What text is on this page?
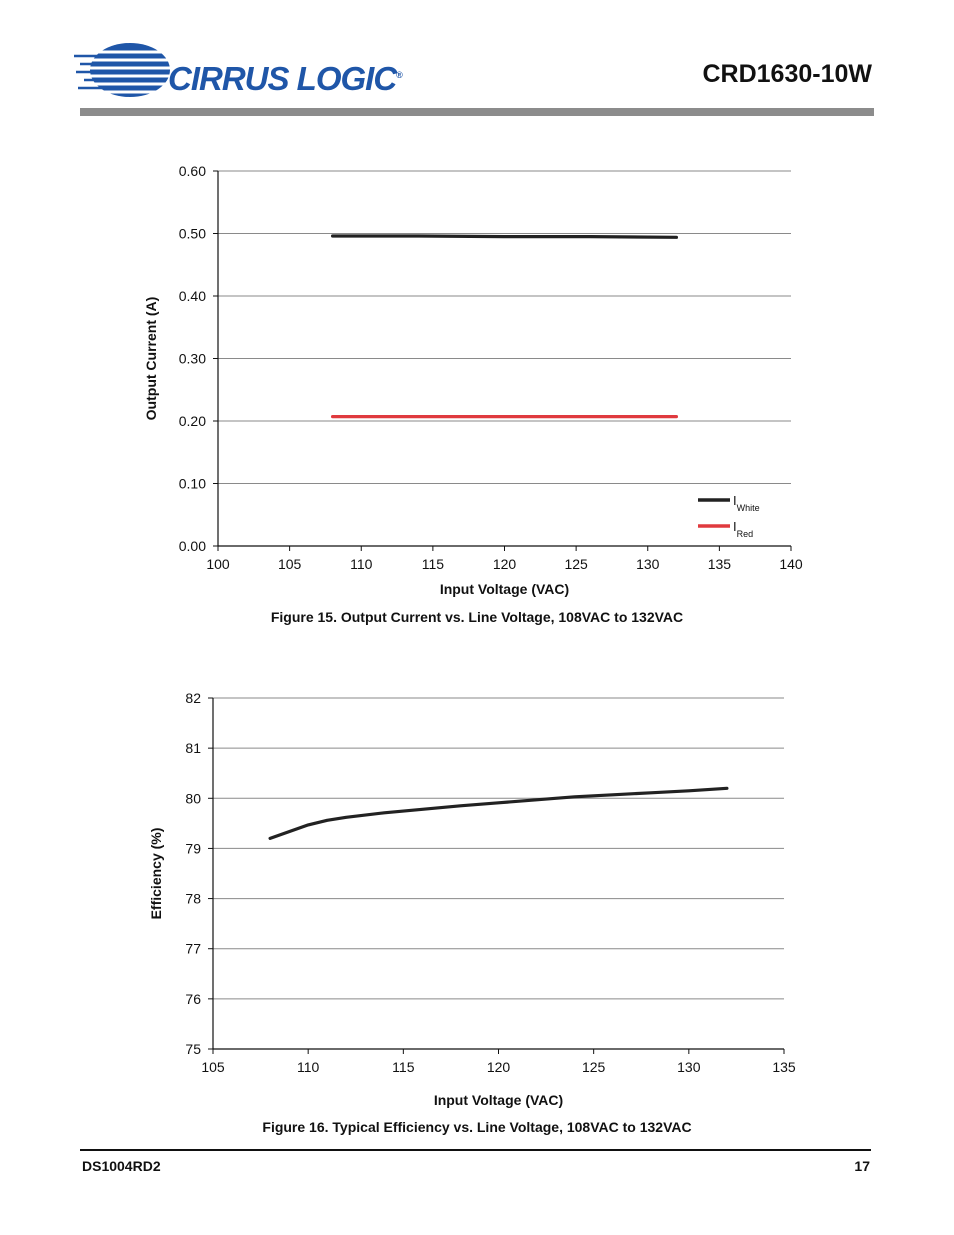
CIRRUS LOGIC®	CRD1630-10W
0.00
0.10
0.20
0.30
0.40
0.50
0.60
100	105	110	115	120	125	130	135	140
Input Voltage (VAC)
Output Current (A)
$I_{White}$
$I_{Red}$
Figure 15. Output Current vs. Line Voltage, 108VAC to 132VAC
75
76
77
78
79
80
81
82
105	110	115	120	125	130	135
Input Voltage (VAC)
Efficiency (%)
Figure 16. Typical Efficiency vs. Line Voltage, 108VAC to 132VAC
DS1004RD2	17
